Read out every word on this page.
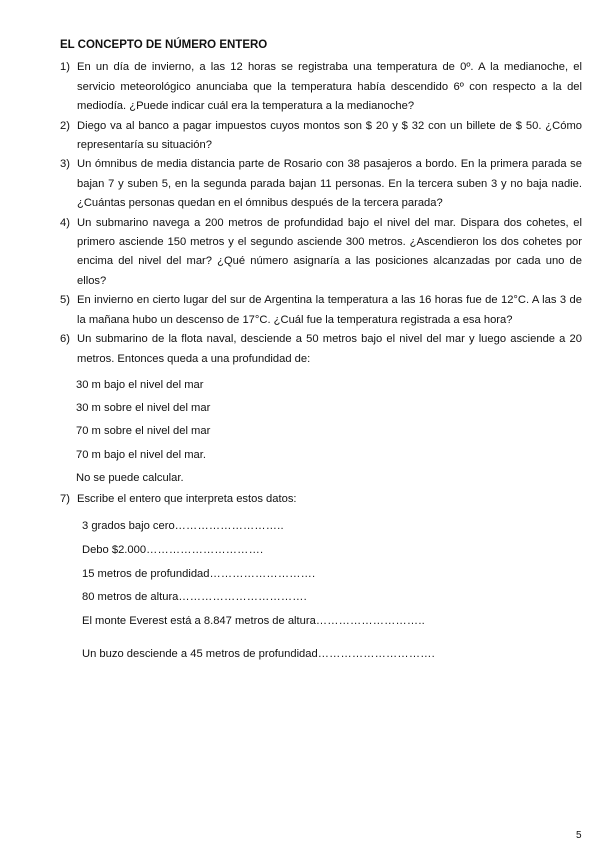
EL CONCEPTO DE NÚMERO ENTERO
1) En un día de invierno, a las 12 horas se registraba una temperatura de 0º. A la medianoche, el servicio meteorológico anunciaba que la temperatura había descendido 6º con respecto a la del mediodía. ¿Puede indicar cuál era la temperatura a la medianoche?
2) Diego va al banco a pagar impuestos cuyos montos son $ 20 y $ 32 con un billete de $ 50. ¿Cómo representaría su situación?
3) Un ómnibus de media distancia parte de Rosario con 38 pasajeros a bordo. En la primera parada se bajan 7 y suben 5, en la segunda parada bajan 11 personas. En la tercera suben 3 y no baja nadie. ¿Cuántas personas quedan en el ómnibus después de la tercera parada?
4) Un submarino navega a 200 metros de profundidad bajo el nivel del mar. Dispara dos cohetes, el primero asciende 150 metros y el segundo asciende 300 metros. ¿Ascendieron los dos cohetes por encima del nivel del mar? ¿Qué número asignaría a las posiciones alcanzadas por cada uno de ellos?
5) En invierno en cierto lugar del sur de Argentina la temperatura a las 16 horas fue de 12°C. A las 3 de la mañana hubo un descenso de 17°C. ¿Cuál fue la temperatura registrada a esa hora?
6) Un submarino de la flota naval, desciende a 50 metros bajo el nivel del mar y luego asciende a 20 metros. Entonces queda a una profundidad de:
30 m bajo el nivel del mar
30 m sobre el nivel del mar
70 m sobre el nivel del mar
70 m bajo el nivel del mar.
No se puede calcular.
7) Escribe el entero que interpreta estos datos:
3 grados bajo cero………………………..
Debo $2.000………………………….
15 metros de profundidad……………………….
80 metros de altura…………………………….
El monte Everest está a 8.847 metros de altura………………………..
Un buzo desciende a 45 metros de profundidad………………………….
5
